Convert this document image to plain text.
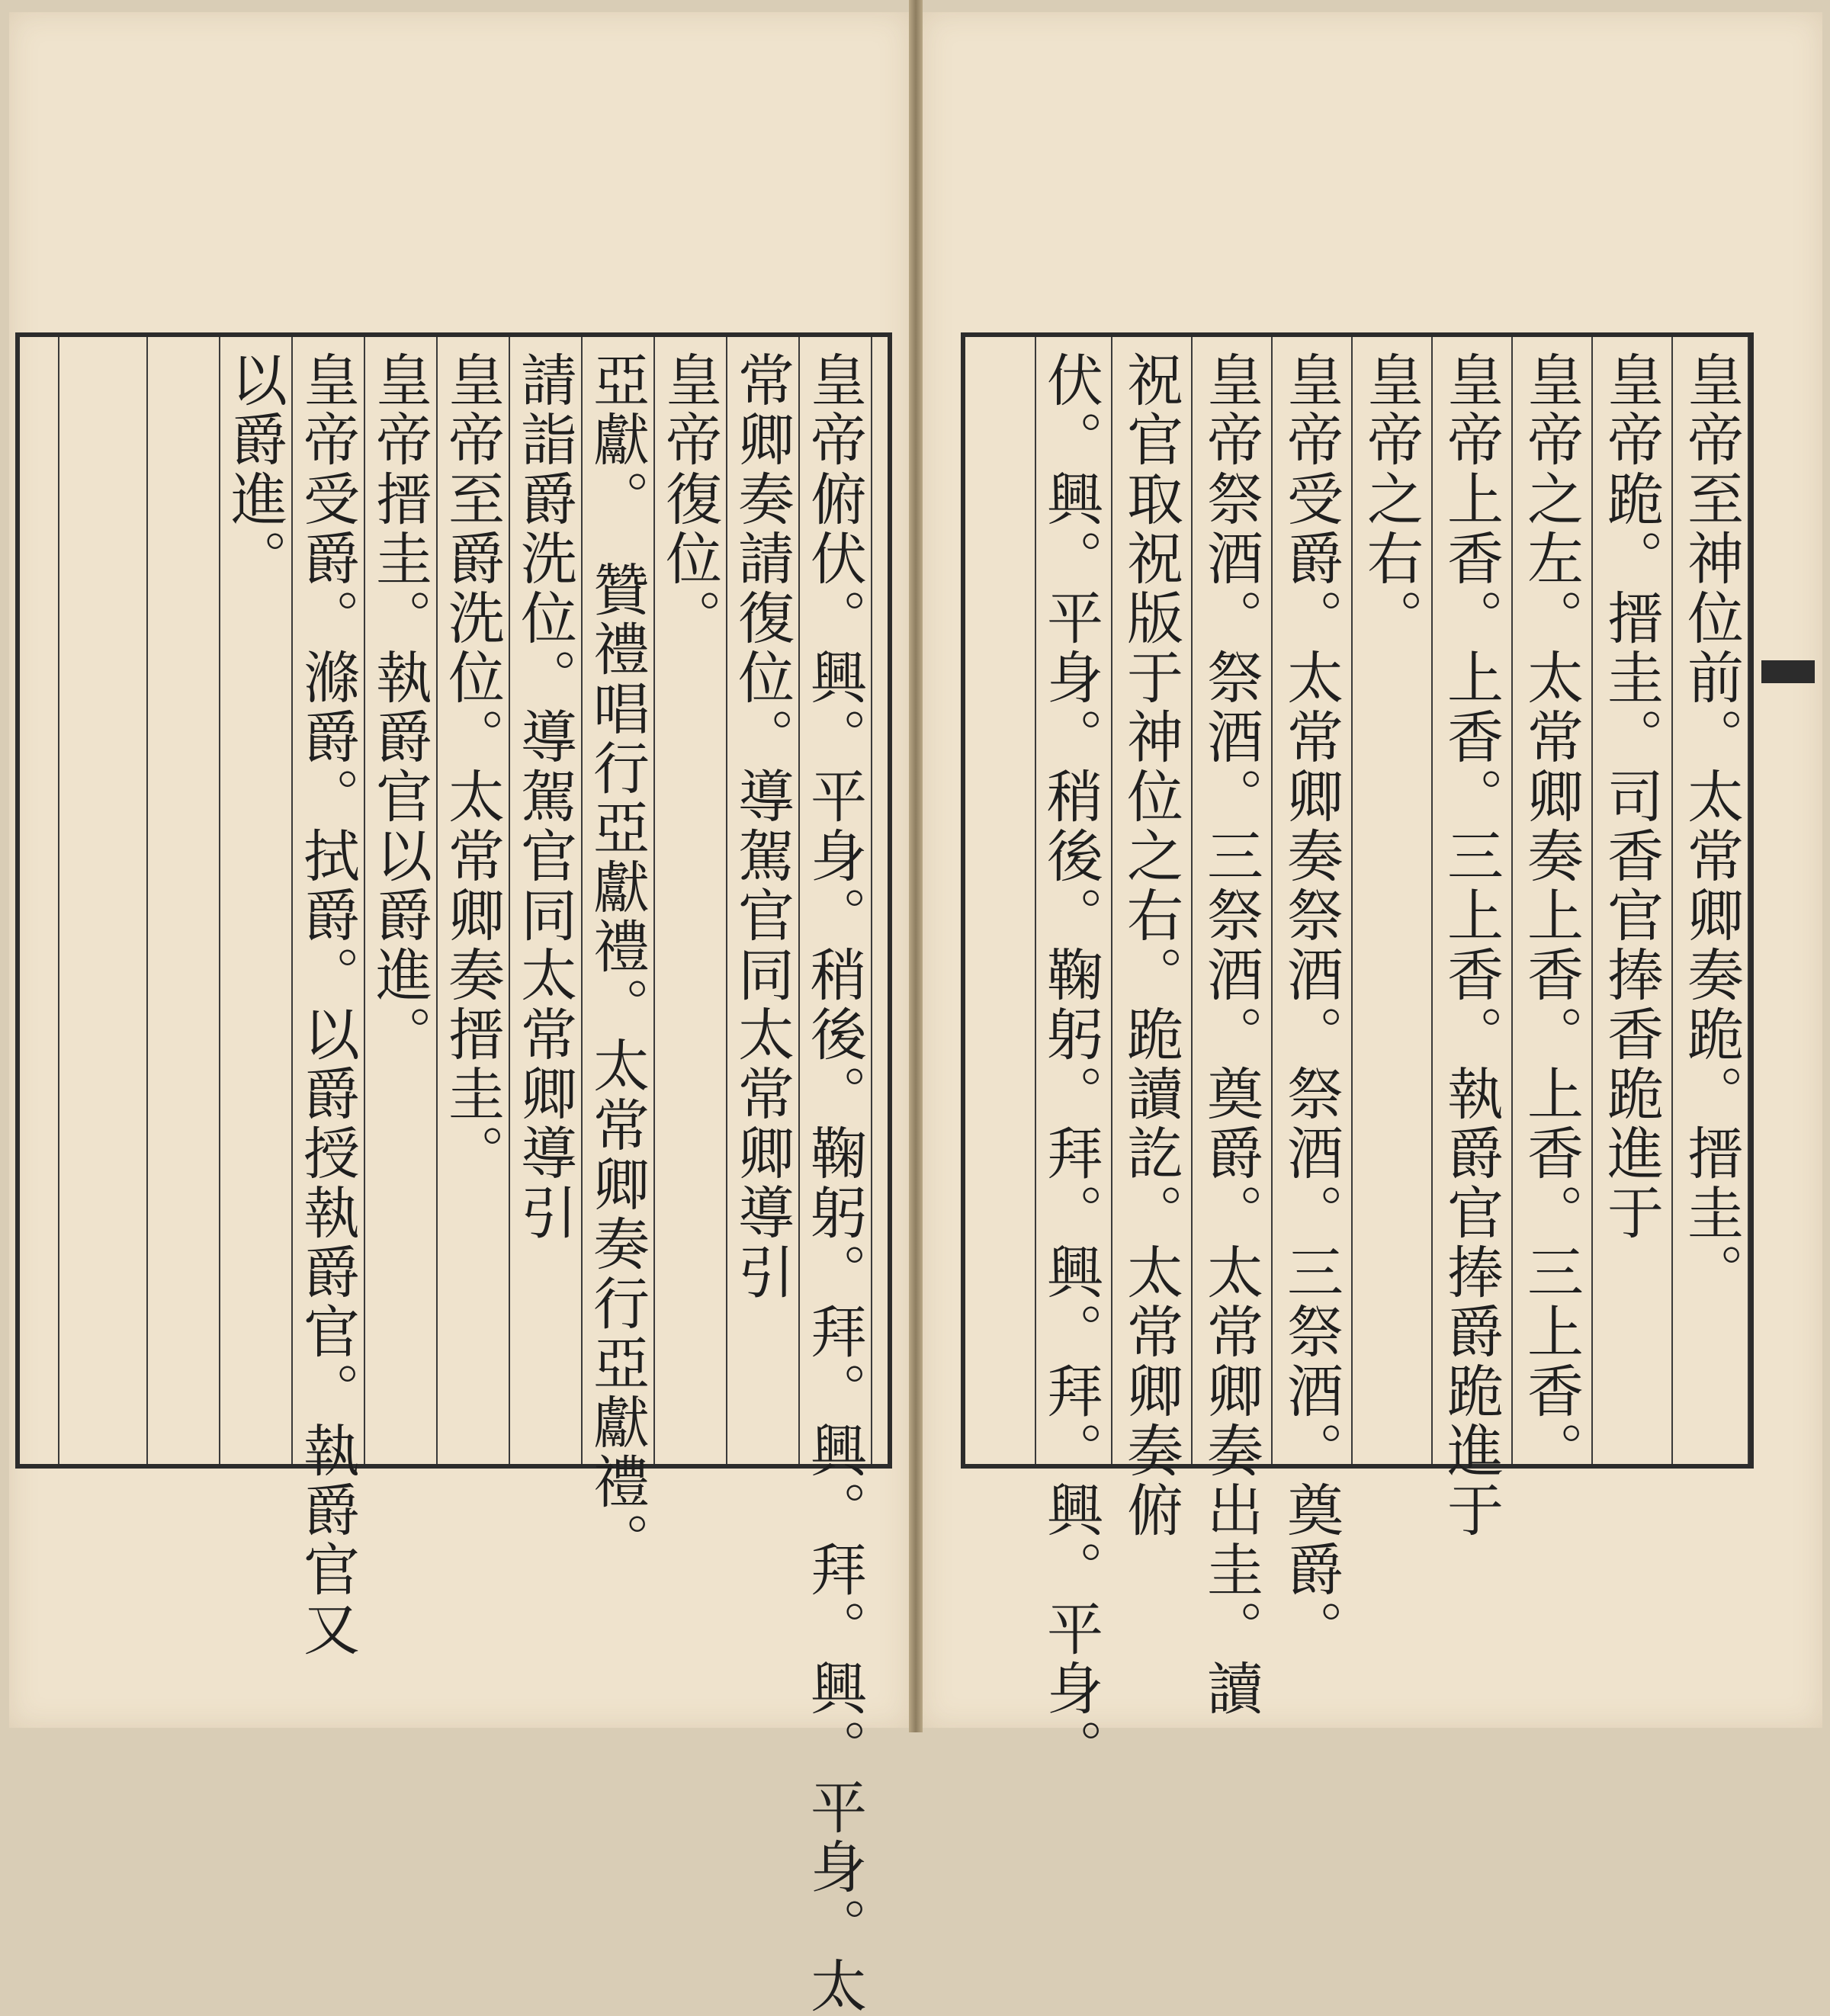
皇帝俯伏。興。平身。稍後。鞠躬。拜。興。拜。興。平身。太
常卿奏請復位。導駕官同太常卿導引
皇帝復位。
亞獻。　贊禮唱行亞獻禮。太常卿奏行亞獻禮。
請詣爵洗位。導駕官同太常卿導引
皇帝至爵洗位。太常卿奏搢圭。
皇帝搢圭。執爵官以爵進。
皇帝受爵。滌爵。拭爵。以爵授執爵官。執爵官又
以爵進。	皇帝至神位前。太常卿奏跪。搢圭。
皇帝跪。搢圭。司香官捧香跪進于
皇帝之左。太常卿奏上香。上香。三上香。
皇帝上香。上香。三上香。執爵官捧爵跪進于
皇帝之右。
皇帝受爵。太常卿奏祭酒。祭酒。三祭酒。奠爵。
皇帝祭酒。祭酒。三祭酒。奠爵。太常卿奏出圭。讀
祝官取祝版于神位之右。跪讀訖。太常卿奏俯
伏。興。平身。稍後。鞠躬。拜。興。拜。興。平身。
